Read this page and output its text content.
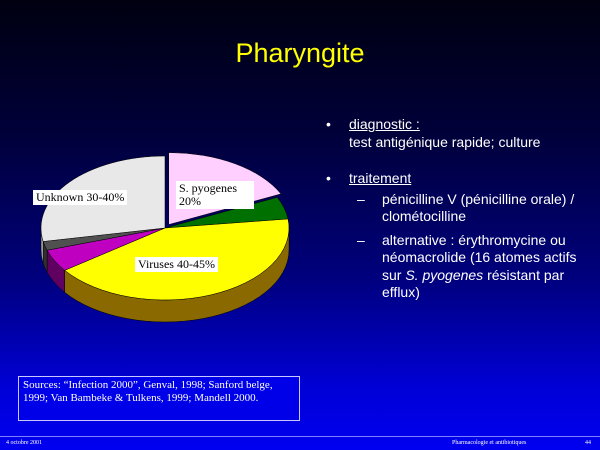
Pharyngite
S. pyogenes 20%
Unknown 30-40%
Viruses 40-45%
• diagnostic :
test antigénique rapide; culture
• traitement
– pénicilline V (pénicilline orale) / clométocilline
– alternative : érythromycine ou néomacrolide (16 atomes actifs sur S. pyogenes résistant par efflux)
Sources: “Infection 2000”, Genval, 1998; Sanford belge, 1999; Van Bambeke & Tulkens, 1999; Mandell 2000.
4 octobre 2001	Pharmacologie et antibiotiques	44
